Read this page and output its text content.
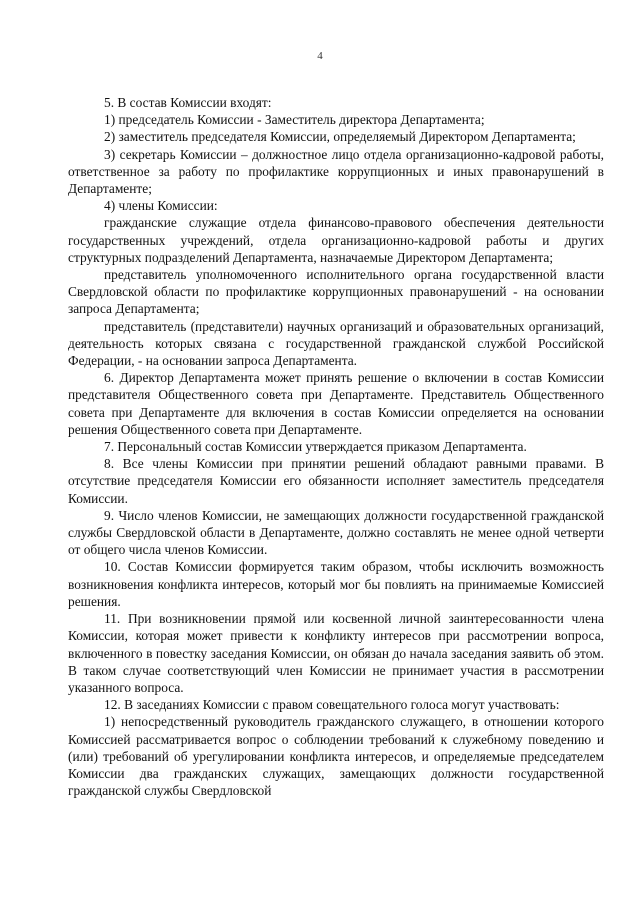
4

5. В состав Комиссии входят:

1) председатель Комиссии - Заместитель директора Департамента;

2) заместитель председателя Комиссии, определяемый Директором Департамента;

3) секретарь Комиссии – должностное лицо отдела организационно-кадровой работы, ответственное за работу по профилактике коррупционных и иных правонарушений в Департаменте;

4) члены Комиссии:

гражданские служащие отдела финансово-правового обеспечения деятельности государственных учреждений, отдела организационно-кадровой работы и других структурных подразделений Департамента, назначаемые Директором Департамента;

представитель уполномоченного исполнительного органа государственной власти Свердловской области по профилактике коррупционных правонарушений - на основании запроса Департамента;

представитель (представители) научных организаций и образовательных организаций, деятельность которых связана с государственной гражданской службой Российской Федерации, - на основании запроса Департамента.

6. Директор Департамента может принять решение о включении в состав Комиссии представителя Общественного совета при Департаменте. Представитель Общественного совета при Департаменте для включения в состав Комиссии определяется на основании решения Общественного совета при Департаменте.

7. Персональный состав Комиссии утверждается приказом Департамента.

8. Все члены Комиссии при принятии решений обладают равными правами. В отсутствие председателя Комиссии его обязанности исполняет заместитель председателя Комиссии.

9. Число членов Комиссии, не замещающих должности государственной гражданской службы Свердловской области в Департаменте, должно составлять не менее одной четверти от общего числа членов Комиссии.

10. Состав Комиссии формируется таким образом, чтобы исключить возможность возникновения конфликта интересов, который мог бы повлиять на принимаемые Комиссией решения.

11. При возникновении прямой или косвенной личной заинтересованности члена Комиссии, которая может привести к конфликту интересов при рассмотрении вопроса, включенного в повестку заседания Комиссии, он обязан до начала заседания заявить об этом. В таком случае соответствующий член Комиссии не принимает участия в рассмотрении указанного вопроса.

12. В заседаниях Комиссии с правом совещательного голоса могут участвовать:

1) непосредственный руководитель гражданского служащего, в отношении которого Комиссией рассматривается вопрос о соблюдении требований к служебному поведению и (или) требований об урегулировании конфликта интересов, и определяемые председателем Комиссии два гражданских служащих, замещающих должности государственной гражданской службы Свердловской
